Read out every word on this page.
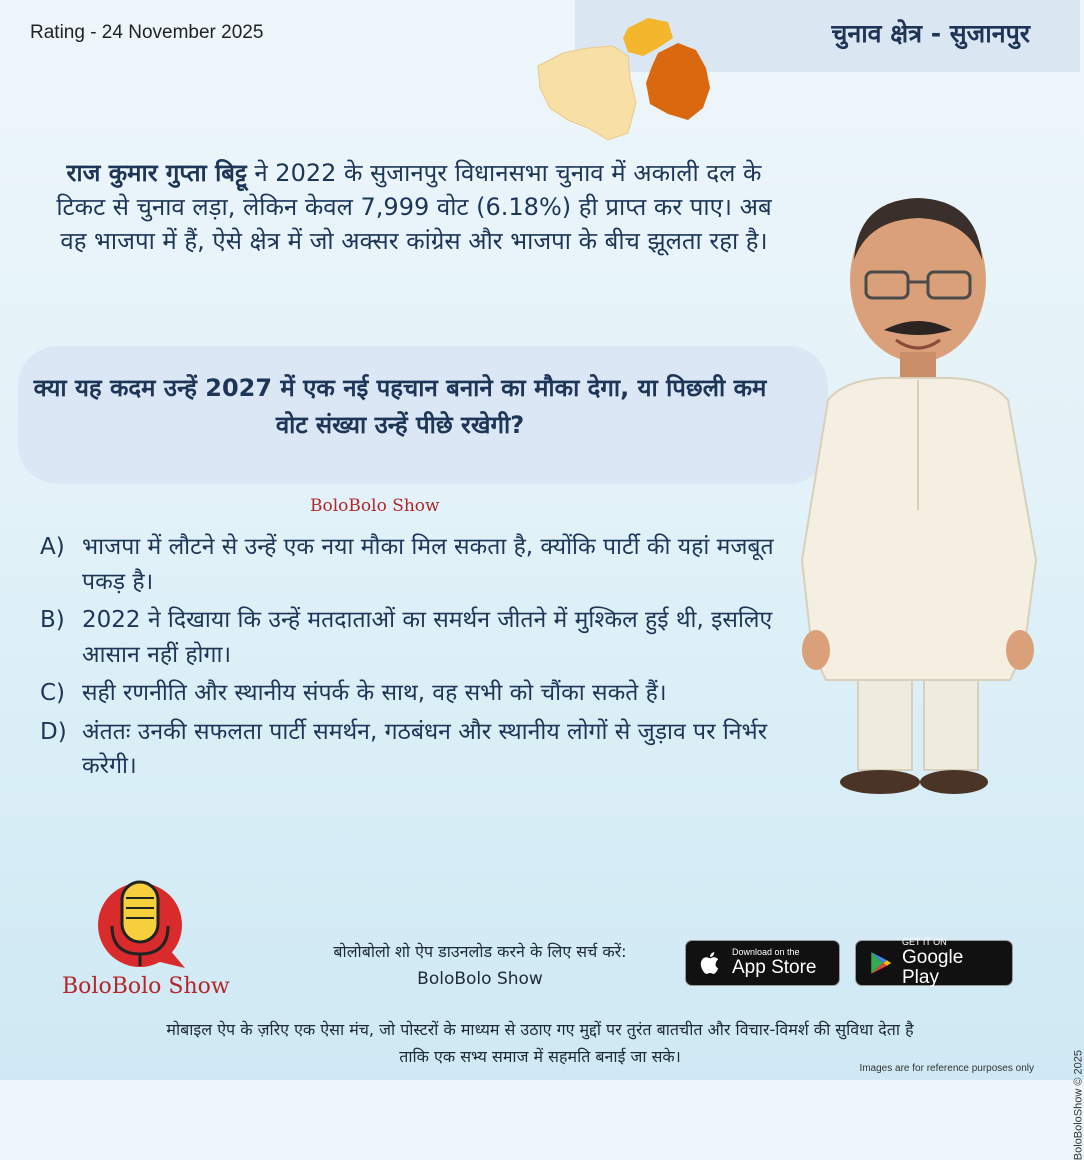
Rating - 24 November 2025	चुनाव क्षेत्र - सुजानपुर
राज कुमार गुप्ता बिट्टू ने 2022 के सुजानपुर विधानसभा चुनाव में अकाली दल के टिकट से चुनाव लड़ा, लेकिन केवल 7,999 वोट (6.18%) ही प्राप्त कर पाए। अब वह भाजपा में हैं, ऐसे क्षेत्र में जो अक्सर कांग्रेस और भाजपा के बीच झूलता रहा है।
क्या यह कदम उन्हें 2027 में एक नई पहचान बनाने का मौका देगा, या पिछली कम वोट संख्या उन्हें पीछे रखेगी?
BoloBolo Show
A) भाजपा में लौटने से उन्हें एक नया मौका मिल सकता है, क्योंकि पार्टी की यहां मजबूत पकड़ है।
B) 2022 ने दिखाया कि उन्हें मतदाताओं का समर्थन जीतने में मुश्किल हुई थी, इसलिए आसान नहीं होगा।
C) सही रणनीति और स्थानीय संपर्क के साथ, वह सभी को चौंका सकते हैं।
D) अंततः उनकी सफलता पार्टी समर्थन, गठबंधन और स्थानीय लोगों से जुड़ाव पर निर्भर करेगी।
BoloBolo Show
बोलोबोलो शो ऐप डाउनलोड करने के लिए सर्च करें:
BoloBolo Show
Download on the
App Store
GET IT ON
Google Play
मोबाइल ऐप के ज़रिए एक ऐसा मंच, जो पोस्टरों के माध्यम से उठाए गए मुद्दों पर तुरंत बातचीत और विचार-विमर्श की सुविधा देता है
ताकि एक सभ्य समाज में सहमति बनाई जा सके।
Images are for reference purposes only	BoloBoloShow © 2025
